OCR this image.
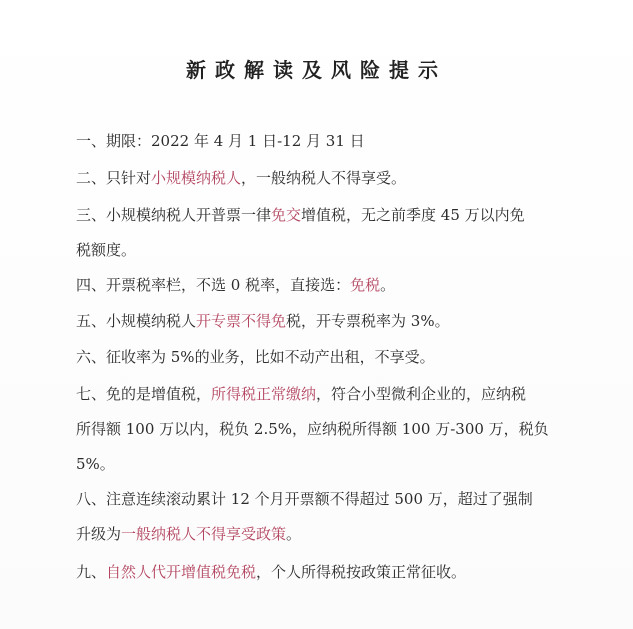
新政解读及风险提示
一、期限：2022 年 4 月 1 日-12 月 31 日
二、只针对小规模纳税人，一般纳税人不得享受。
三、小规模纳税人开普票一律免交增值税，无之前季度 45 万以内免
税额度。
四、开票税率栏，不选 0 税率，直接选：免税。
五、小规模纳税人开专票不得免税，开专票税率为 3%。
六、征收率为 5%的业务，比如不动产出租，不享受。
七、免的是增值税，所得税正常缴纳，符合小型微利企业的，应纳税
所得额 100 万以内，税负 2.5%，应纳税所得额 100 万-300 万，税负
5%。
八、注意连续滚动累计 12 个月开票额不得超过 500 万，超过了强制
升级为一般纳税人不得享受政策。
九、自然人代开增值税免税，个人所得税按政策正常征收。
